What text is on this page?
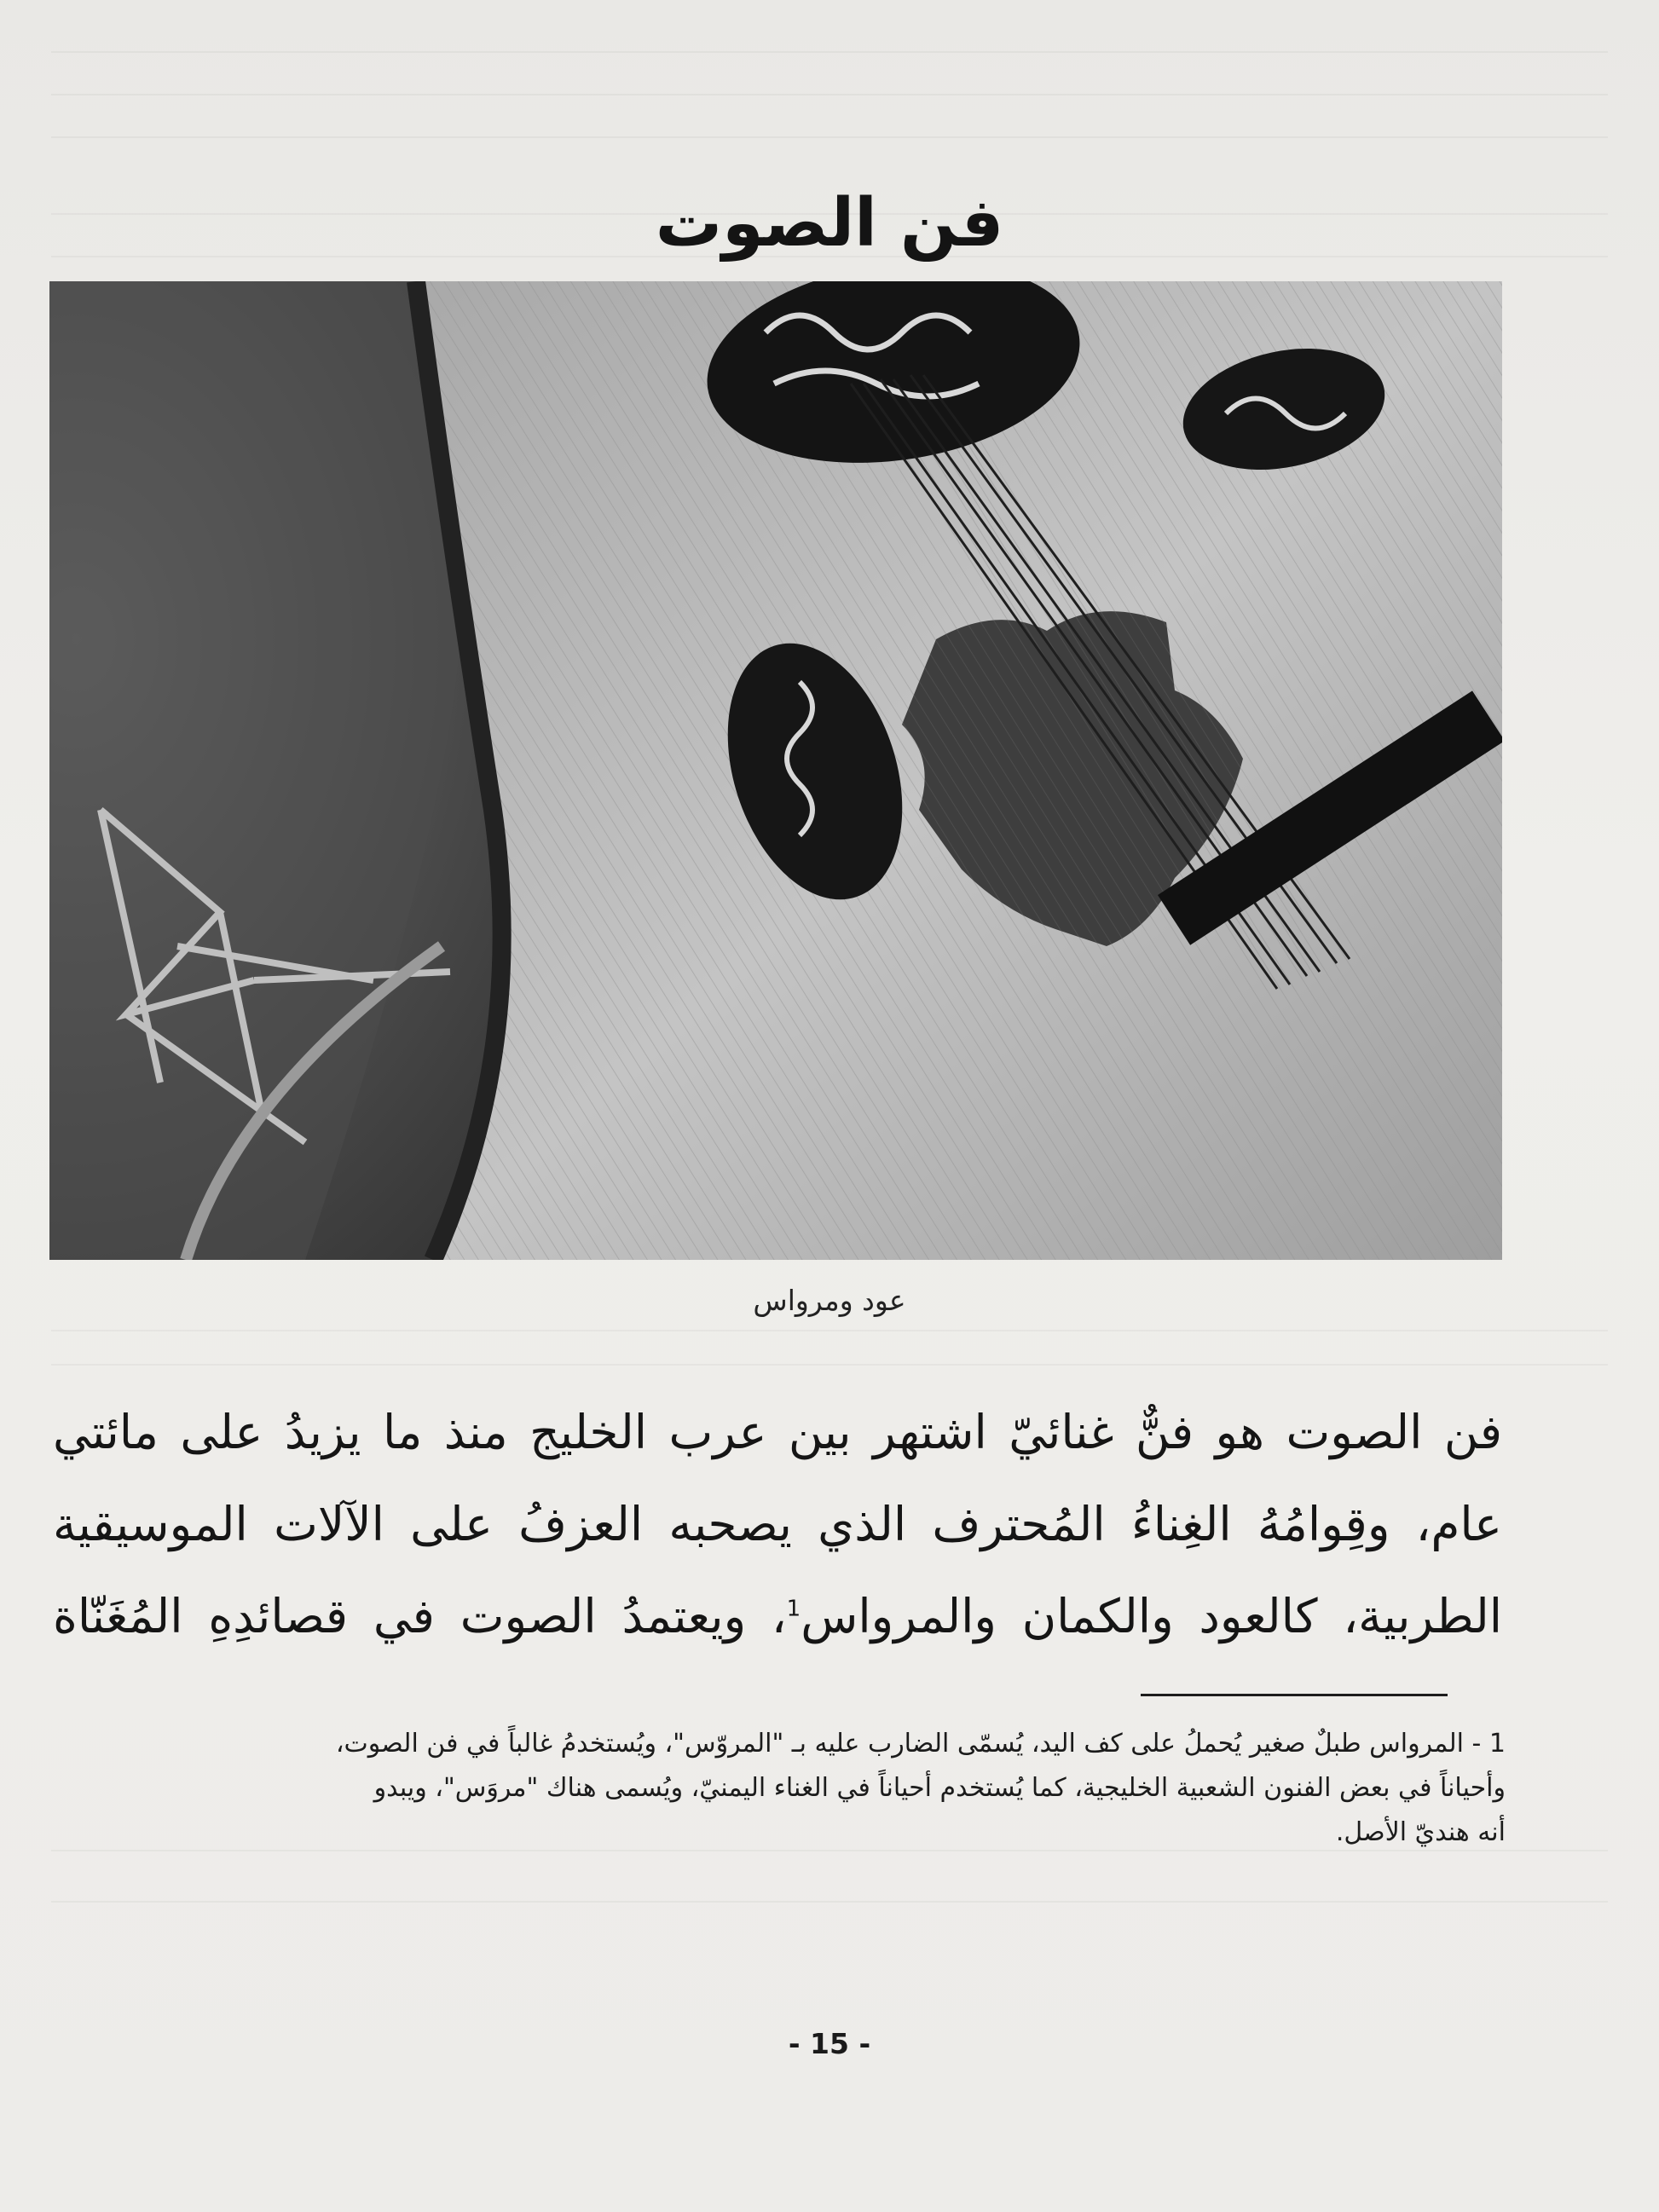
فن الصوت
عود ومرواس
فن الصوت هو فنٌّ غنائيّ اشتهر بين عرب الخليج منذ ما يزيدُ على مائتي
عام، وقِوامُهُ الغِناءُ المُحترف الذي يصحبه العزفُ على الآلات الموسيقية
الطربية، كالعود والكمان والمرواس$^1$، ويعتمدُ الصوت في قصائدِهِ المُغَنّاة
1 - المرواس طبلٌ صغير يُحملُ على كف اليد، يُسمّى الضارب عليه بـ "المروّس"، ويُستخدمُ غالباً في فن الصوت،
وأحياناً في بعض الفنون الشعبية الخليجية، كما يُستخدم أحياناً في الغناء اليمنيّ، ويُسمى هناك "مروَس"، ويبدو
أنه هنديّ الأصل.
- 15 -
